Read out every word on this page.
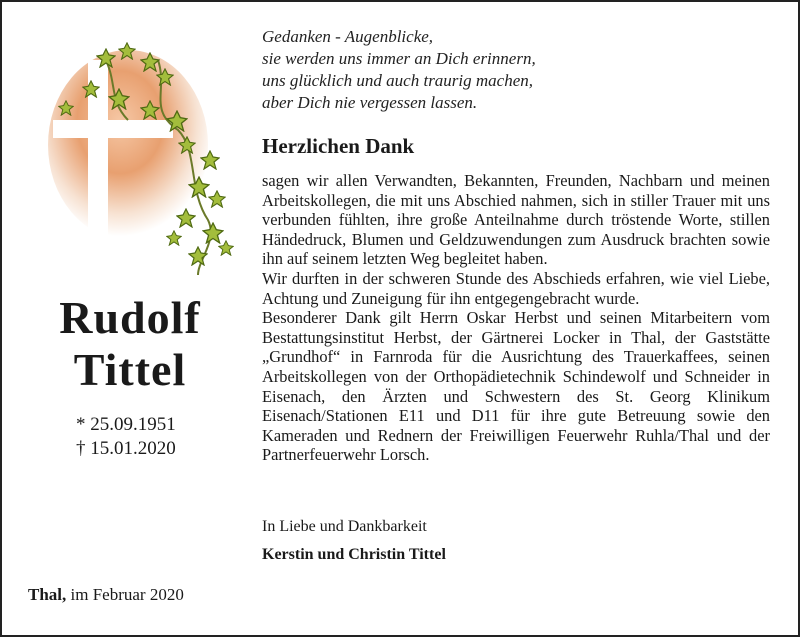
Rudolf
Tittel
* 25.09.1951
† 15.01.2020
Thal, im Februar 2020
Gedanken - Augenblicke,
sie werden uns immer an Dich erinnern,
uns glücklich und auch traurig machen,
aber Dich nie vergessen lassen.
Herzlichen Dank

sagen wir allen Verwandten, Bekannten, Freunden, Nachbarn und meinen Arbeitskollegen, die mit uns Abschied nahmen, sich in stiller Trauer mit uns verbunden fühlten, ihre große Anteilnahme durch tröstende Worte, stillen Händedruck, Blumen und Geldzuwendungen zum Ausdruck brachten sowie ihn auf seinem letzten Weg begleitet haben.

Wir durften in der schweren Stunde des Abschieds erfahren, wie viel Liebe, Achtung und Zuneigung für ihn entgegengebracht wurde.

Besonderer Dank gilt Herrn Oskar Herbst und seinen Mitarbeitern vom Bestattungsinstitut Herbst, der Gärtnerei Locker in Thal, der Gaststätte „Grundhof“ in Farnroda für die Ausrichtung des Trauerkaffees, seinen Arbeitskollegen von der Orthopädietechnik Schindewolf und Schneider in Eisenach, den Ärzten und Schwestern des St. Georg Klinikum Eisenach/Stationen E11 und D11 für ihre gute Betreuung sowie den Kameraden und Rednern der Freiwilligen Feuerwehr Ruhla/Thal und der Partnerfeuerwehr Lorsch.

In Liebe und Dankbarkeit
Kerstin und Christin Tittel
